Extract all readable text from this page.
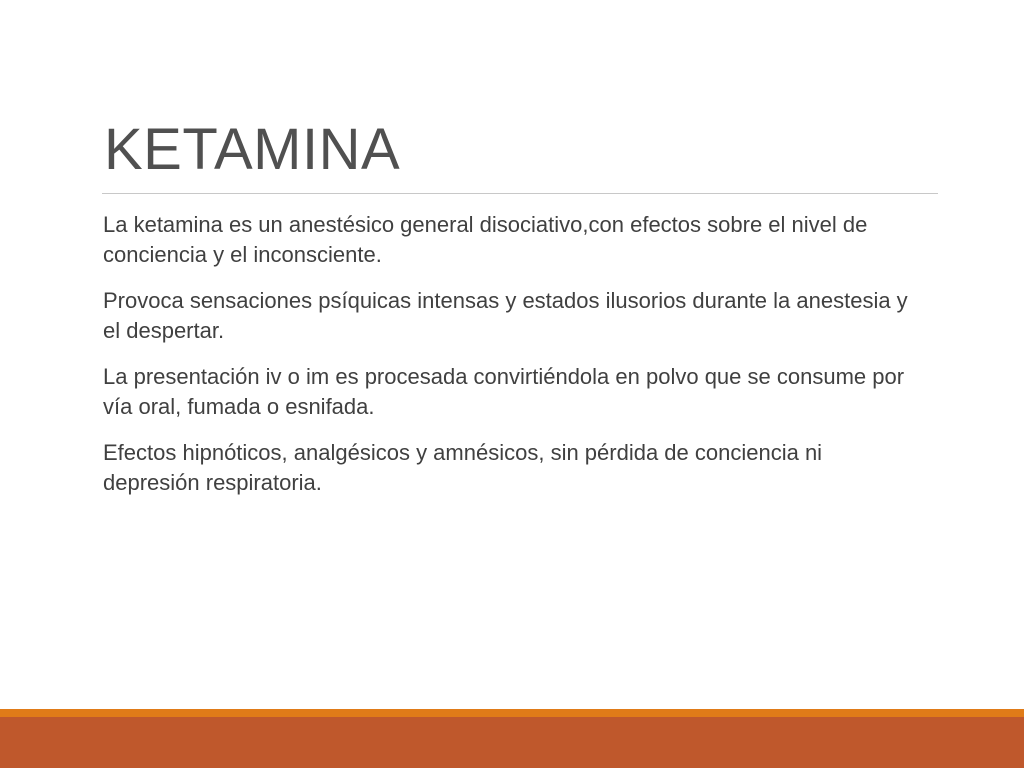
KETAMINA
La ketamina es un anestésico general disociativo,con efectos sobre el nivel de conciencia y el inconsciente.
Provoca sensaciones psíquicas intensas y estados ilusorios durante la anestesia y el despertar.
La presentación iv o im es procesada convirtiéndola en polvo que se consume por vía oral, fumada o esnifada.
Efectos hipnóticos, analgésicos y amnésicos, sin pérdida de conciencia ni depresión respiratoria.
